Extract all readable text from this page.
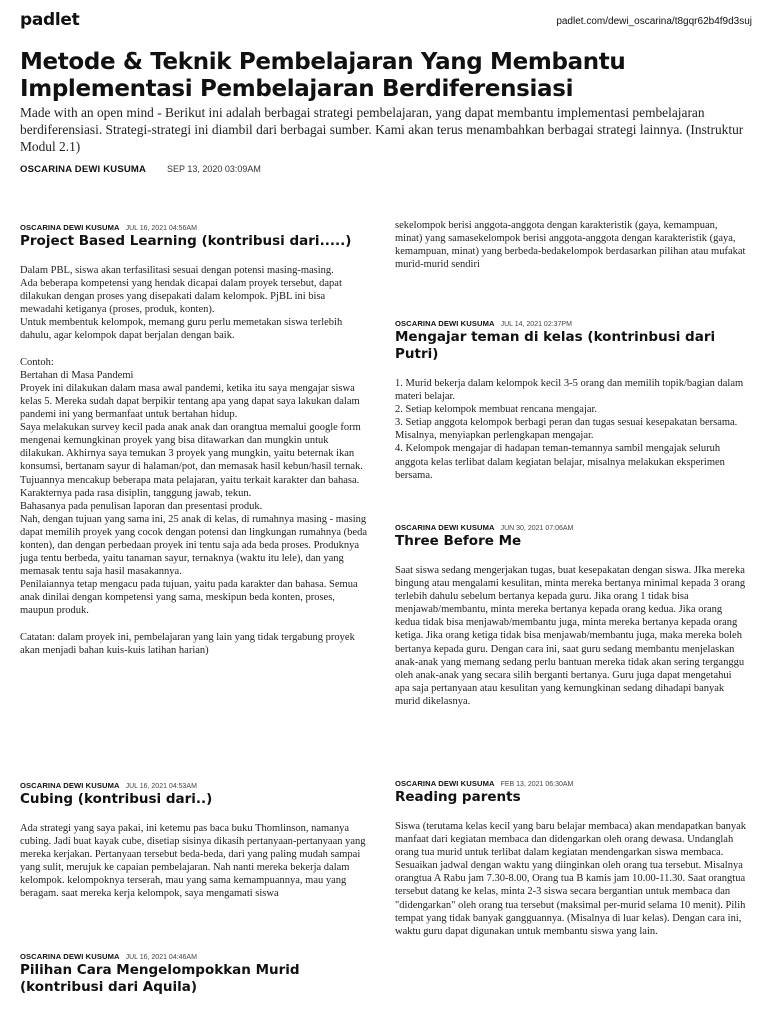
padlet	padlet.com/dewi_oscarina/t8gqr62b4f9d3suj
Metode & Teknik Pembelajaran Yang Membantu Implementasi Pembelajaran Berdiferensiasi

Made with an open mind - Berikut ini adalah berbagai strategi pembelajaran, yang dapat membantu implementasi pembelajaran berdiferensiasi. Strategi-strategi ini diambil dari berbagai sumber. Kami akan terus menambahkan berbagai strategi lainnya. (Instruktur Modul 2.1)

OSCARINA DEWI KUSUMA SEP 13, 2020 03:09AM
OSCARINA DEWI KUSUMA JUL 16, 2021 04:56AM
Project Based Learning (kontribusi dari.....)
Dalam PBL, siswa akan terfasilitasi sesuai dengan potensi masing-masing.
Ada beberapa kompetensi yang hendak dicapai dalam proyek tersebut, dapat dilakukan dengan proses yang disepakati dalam kelompok. PjBL ini bisa mewadahi ketiganya (proses, produk, konten).
Untuk membentuk kelompok, memang guru perlu memetakan siswa terlebih dahulu, agar kelompok dapat berjalan dengan baik.

Contoh:
Bertahan di Masa Pandemi
Proyek ini dilakukan dalam masa awal pandemi, ketika itu saya mengajar siswa kelas 5. Mereka sudah dapat berpikir tentang apa yang dapat saya lakukan dalam pandemi ini yang bermanfaat untuk bertahan hidup.
Saya melakukan survey kecil pada anak anak dan orangtua memalui google form mengenai kemungkinan proyek yang bisa ditawarkan dan mungkin untuk dilakukan. Akhirnya saya temukan 3 proyek yang mungkin, yaitu beternak ikan konsumsi, bertanam sayur di halaman/pot, dan memasak hasil kebun/hasil ternak.
Tujuannya mencakup beberapa mata pelajaran, yaitu terkait karakter dan bahasa.
Karakternya pada rasa disiplin, tanggung jawab, tekun.
Bahasanya pada penulisan laporan dan presentasi produk.
Nah, dengan tujuan yang sama ini, 25 anak di kelas, di rumahnya masing - masing dapat memilih proyek yang cocok dengan potensi dan lingkungan rumahnya (beda konten), dan dengan perbedaan proyek ini tentu saja ada beda proses. Produknya juga tentu berbeda, yaitu tanaman sayur, ternaknya (waktu itu lele), dan yang memasak tentu saja hasil masakannya.
Penilaiannya tetap mengacu pada tujuan, yaitu pada karakter dan bahasa. Semua anak dinilai dengan kompetensi yang sama, meskipun beda konten, proses, maupun produk.

Catatan: dalam proyek ini, pembelajaran yang lain yang tidak tergabung proyek akan menjadi bahan kuis-kuis latihan harian)
OSCARINA DEWI KUSUMA JUL 16, 2021 04:53AM
Cubing (kontribusi dari..)
Ada strategi yang saya pakai, ini ketemu pas baca buku Thomlinson, namanya cubing. Jadi buat kayak cube, disetiap sisinya dikasih pertanyaan-pertanyaan yang mereka kerjakan. Pertanyaan tersebut beda-beda, dari yang paling mudah sampai yang sulit, merujuk ke capaian pembelajaran. Nah nanti mereka bekerja dalam kelompok. kelompoknya terserah, mau yang sama kemampuannya, mau yang beragam. saat mereka kerja kelompok, saya mengamati siswa
OSCARINA DEWI KUSUMA JUL 16, 2021 04:46AM
Pilihan Cara Mengelompokkan Murid (kontribusi dari Aquila)
sekelompok berisi anggota-anggota dengan karakteristik (gaya, kemampuan, minat) yang samasekelompok berisi anggota-anggota dengan karakteristik (gaya, kemampuan, minat) yang berbeda-bedakelompok berdasarkan pilihan atau mufakat murid-murid sendiri
OSCARINA DEWI KUSUMA JUL 14, 2021 02:37PM
Mengajar teman di kelas (kontrinbusi dari Putri)
1. Murid bekerja dalam kelompok kecil 3-5 orang dan memilih topik/bagian dalam materi belajar.
2. Setiap kelompok membuat rencana mengajar.
3. Setiap anggota kelompok berbagi peran dan tugas sesuai kesepakatan bersama. Misalnya, menyiapkan perlengkapan mengajar.
4. Kelompok mengajar di hadapan teman-temannya sambil mengajak seluruh anggota kelas terlibat dalam kegiatan belajar, misalnya melakukan eksperimen bersama.
OSCARINA DEWI KUSUMA JUN 30, 2021 07:06AM
Three Before Me
Saat siswa sedang mengerjakan tugas, buat kesepakatan dengan siswa. JIka mereka bingung atau mengalami kesulitan, minta mereka bertanya minimal kepada 3 orang terlebih dahulu sebelum bertanya kepada guru. Jika orang 1 tidak bisa menjawab/membantu, minta mereka bertanya kepada orang kedua. Jika orang kedua tidak bisa menjawab/membantu juga, minta mereka bertanya kepada orang ketiga. Jika orang ketiga tidak bisa menjawab/membantu juga, maka mereka boleh bertanya kepada guru. Dengan cara ini, saat guru sedang membantu menjelaskan anak-anak yang memang sedang perlu bantuan mereka tidak akan sering terganggu oleh anak-anak yang secara silih berganti bertanya. Guru juga dapat mengetahui apa saja pertanyaan atau kesulitan yang kemungkinan sedang dihadapi banyak murid dikelasnya.
OSCARINA DEWI KUSUMA FEB 13, 2021 06:30AM
Reading parents
Siswa (terutama kelas kecil yang baru belajar membaca) akan mendapatkan banyak manfaat dari kegiatan membaca dan didengarkan oleh orang dewasa. Undanglah orang tua murid untuk terlibat dalam kegiatan mendengarkan siswa membaca. Sesuaikan jadwal dengan waktu yang diinginkan oleh orang tua tersebut. Misalnya orangtua A Rabu jam 7.30-8.00, Orang tua B kamis jam 10.00-11.30. Saat orangtua tersebut datang ke kelas, minta 2-3 siswa secara bergantian untuk membaca dan "didengarkan" oleh orang tua tersebut (maksimal per-murid selama 10 menit). Pilih tempat yang tidak banyak gangguannya. (Misalnya di luar kelas). Dengan cara ini, waktu guru dapat digunakan untuk membantu siswa yang lain.
